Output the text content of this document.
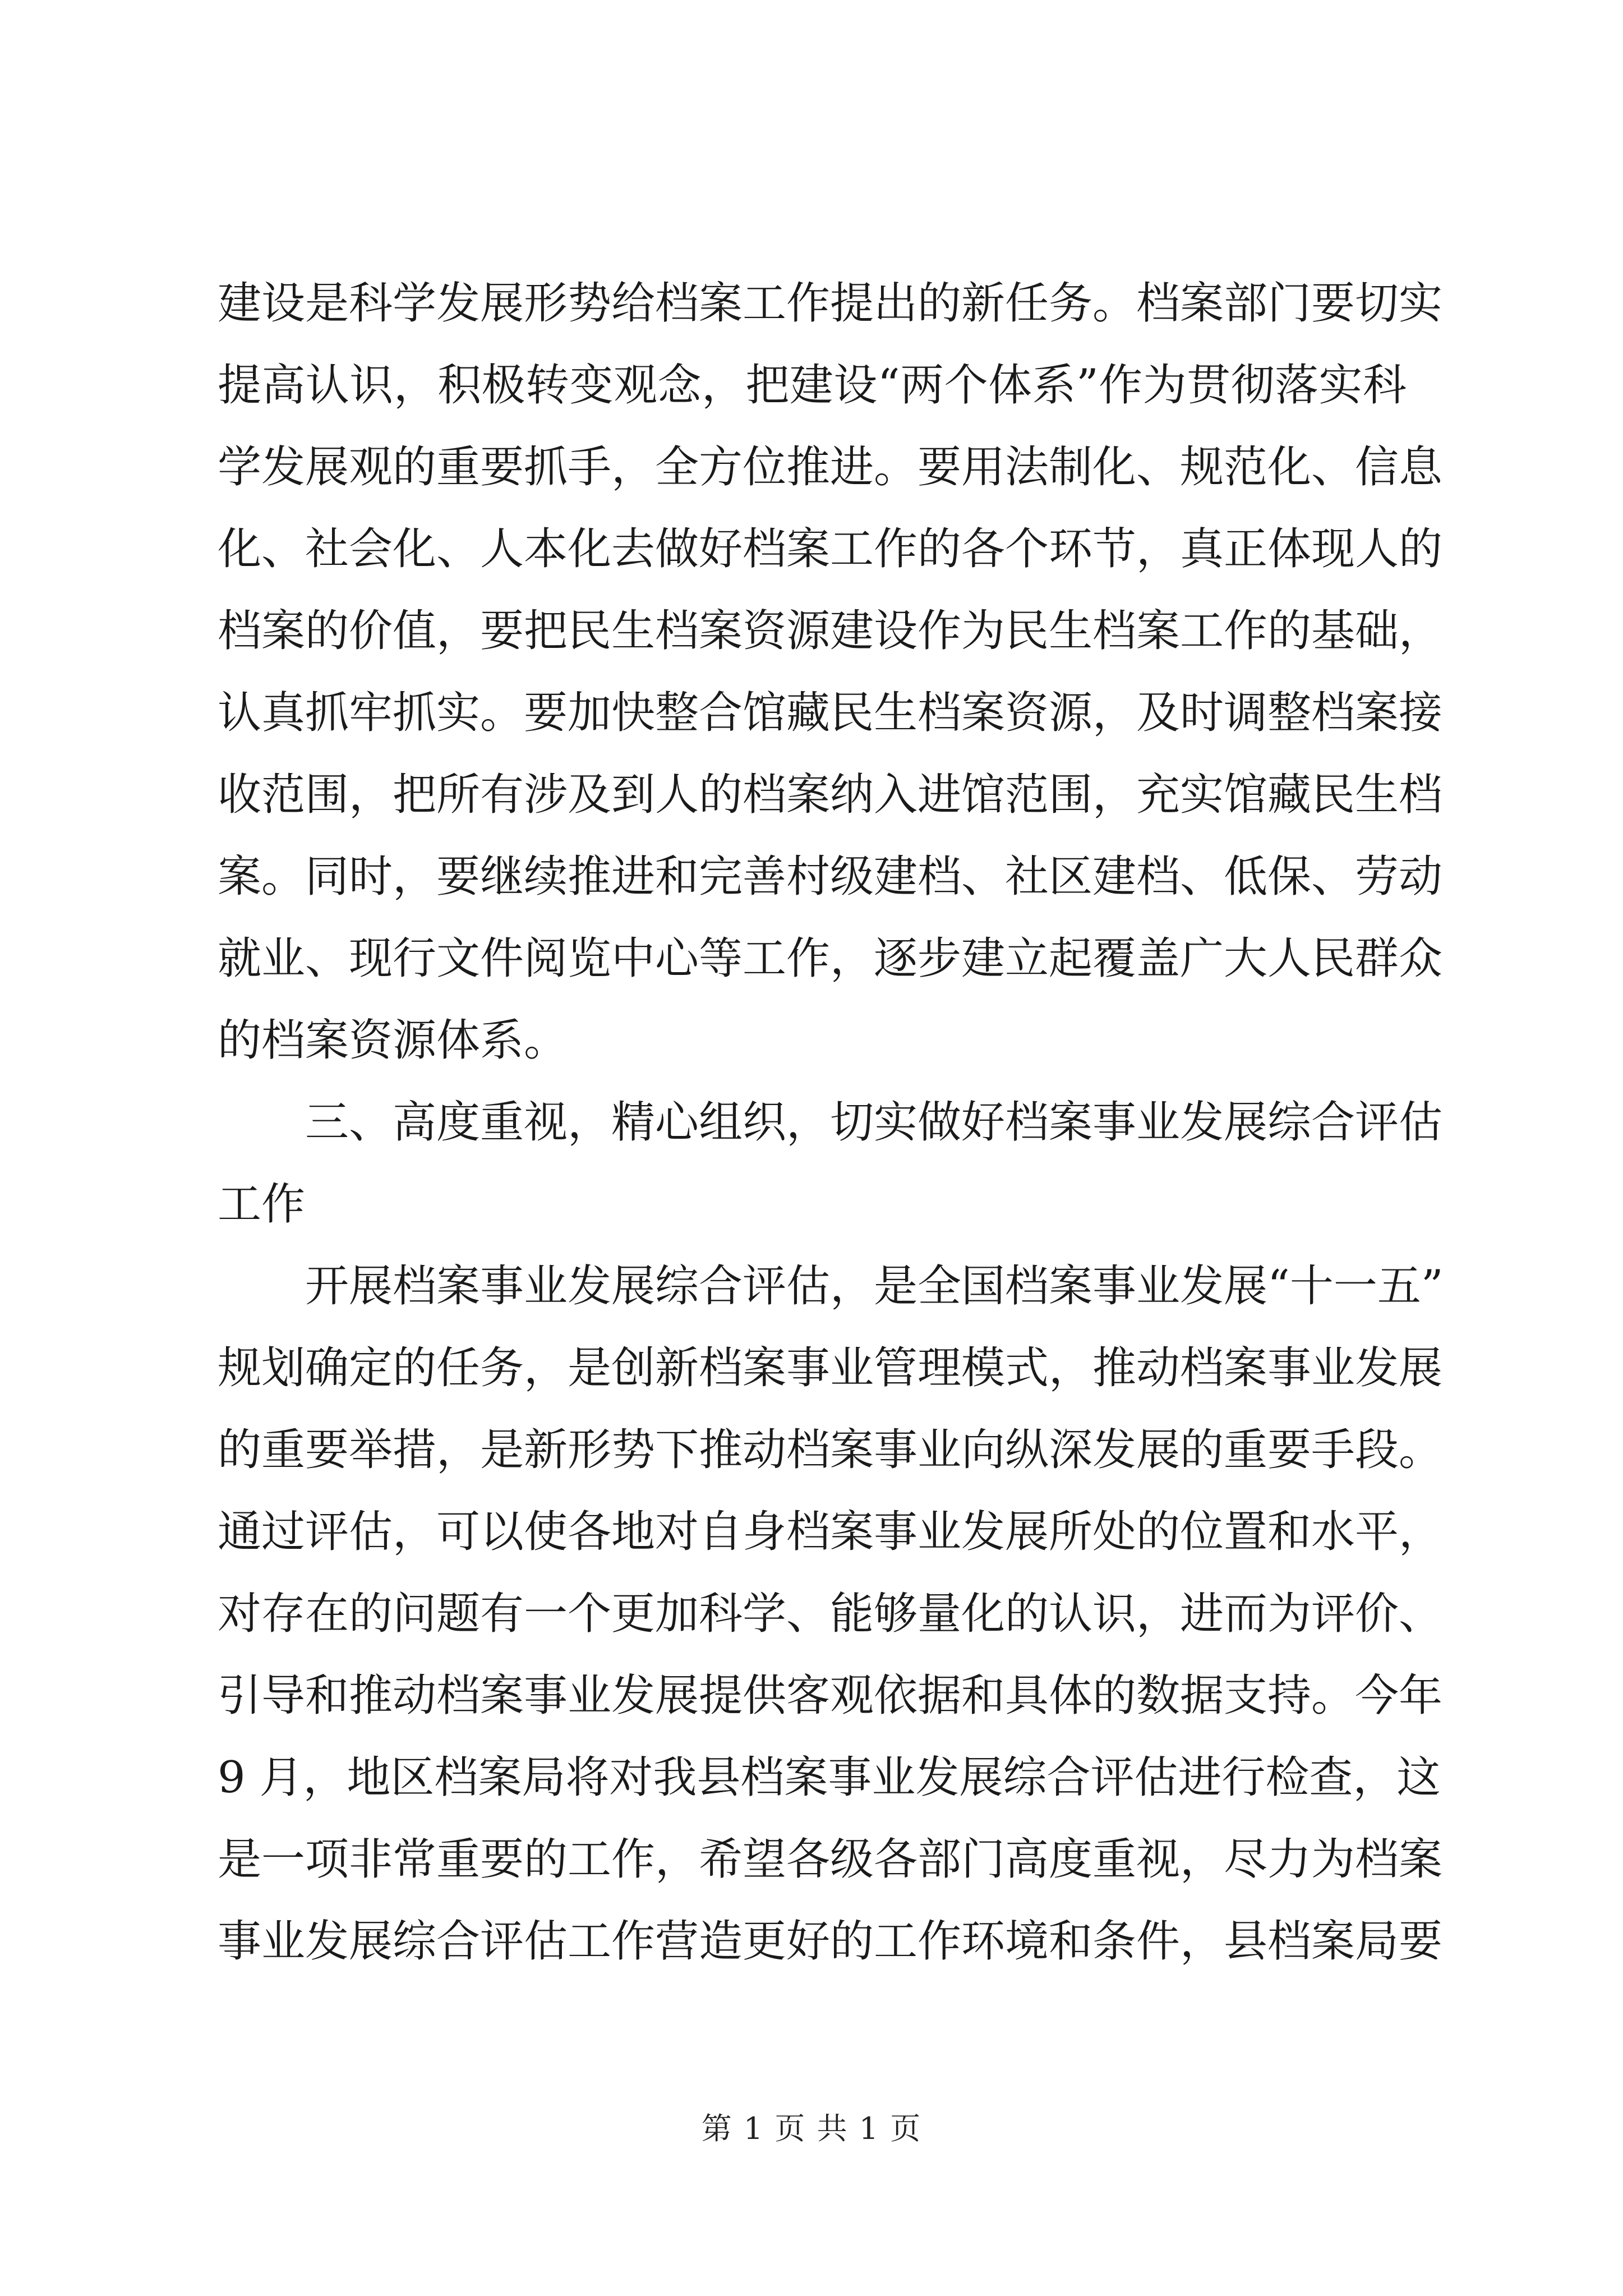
建设是科学发展形势给档案工作提出的新任务。档案部门要切实
提高认识，积极转变观念，把建设“两个体系”作为贯彻落实科
学发展观的重要抓手，全方位推进。要用法制化、规范化、信息
化、社会化、人本化去做好档案工作的各个环节，真正体现人的
档案的价值，要把民生档案资源建设作为民生档案工作的基础，
认真抓牢抓实。要加快整合馆藏民生档案资源，及时调整档案接
收范围，把所有涉及到人的档案纳入进馆范围，充实馆藏民生档
案。同时，要继续推进和完善村级建档、社区建档、低保、劳动
就业、现行文件阅览中心等工作，逐步建立起覆盖广大人民群众
的档案资源体系。
三、高度重视，精心组织，切实做好档案事业发展综合评估
工作
开展档案事业发展综合评估，是全国档案事业发展“十一五”
规划确定的任务，是创新档案事业管理模式，推动档案事业发展
的重要举措，是新形势下推动档案事业向纵深发展的重要手段。
通过评估，可以使各地对自身档案事业发展所处的位置和水平，
对存在的问题有一个更加科学、能够量化的认识，进而为评价、
引导和推动档案事业发展提供客观依据和具体的数据支持。今年
9 月，地区档案局将对我县档案事业发展综合评估进行检查，这
是一项非常重要的工作，希望各级各部门高度重视，尽力为档案
事业发展综合评估工作营造更好的工作环境和条件，县档案局要
第 1 页 共 1 页
